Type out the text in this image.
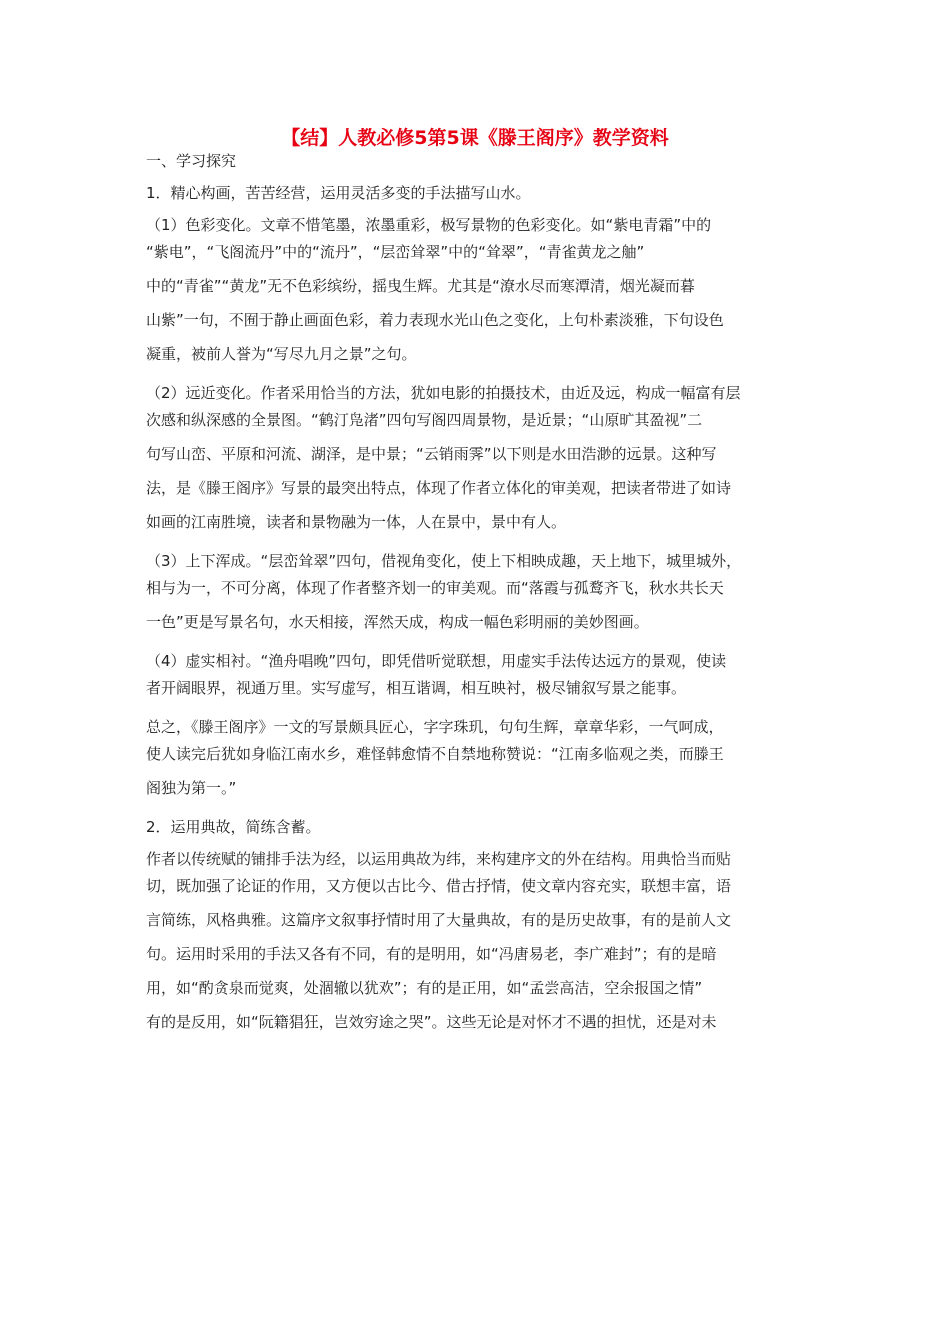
【结】人教必修5第5课《滕王阁序》教学资料
一、学习探究
1．精心构画，苦苦经营，运用灵活多变的手法描写山水。
（1）色彩变化。文章不惜笔墨，浓墨重彩，极写景物的色彩变化。如“紫电青霜”中的
“紫电”，“飞阁流丹”中的“流丹”，“层峦耸翠”中的“耸翠”，“青雀黄龙之舳”
中的“青雀”“黄龙”无不色彩缤纷，摇曳生辉。尤其是“潦水尽而寒潭清，烟光凝而暮
山紫”一句，不囿于静止画面色彩，着力表现水光山色之变化，上句朴素淡雅，下句设色
凝重，被前人誉为“写尽九月之景”之句。
（2）远近变化。作者采用恰当的方法，犹如电影的拍摄技术，由近及远，构成一幅富有层
次感和纵深感的全景图。“鹤汀凫渚”四句写阁四周景物，是近景；“山原旷其盈视”二
句写山峦、平原和河流、湖泽，是中景；“云销雨霁”以下则是水田浩渺的远景。这种写
法，是《滕王阁序》写景的最突出特点，体现了作者立体化的审美观，把读者带进了如诗
如画的江南胜境，读者和景物融为一体，人在景中，景中有人。
（3）上下浑成。“层峦耸翠”四句，借视角变化，使上下相映成趣，天上地下，城里城外，
相与为一，不可分离，体现了作者整齐划一的审美观。而“落霞与孤鹜齐飞，秋水共长天
一色”更是写景名句，水天相接，浑然天成，构成一幅色彩明丽的美妙图画。
（4）虚实相衬。“渔舟唱晚”四句，即凭借听觉联想，用虚实手法传达远方的景观，使读
者开阔眼界，视通万里。实写虚写，相互谐调，相互映衬，极尽铺叙写景之能事。
总之，《滕王阁序》一文的写景颇具匠心，字字珠玑，句句生辉，章章华彩，一气呵成，
使人读完后犹如身临江南水乡，难怪韩愈情不自禁地称赞说：“江南多临观之类，而滕王
阁独为第一。”
2．运用典故，简练含蓄。
作者以传统赋的铺排手法为经，以运用典故为纬，来构建序文的外在结构。用典恰当而贴
切，既加强了论证的作用，又方便以古比今、借古抒情，使文章内容充实，联想丰富，语
言简练，风格典雅。这篇序文叙事抒情时用了大量典故，有的是历史故事，有的是前人文
句。运用时采用的手法又各有不同，有的是明用，如“冯唐易老，李广难封”；有的是暗
用，如“酌贪泉而觉爽，处涸辙以犹欢”；有的是正用，如“孟尝高洁，空余报国之情”
有的是反用，如“阮籍猖狂，岂效穷途之哭”。这些无论是对怀才不遇的担忧，还是对未
